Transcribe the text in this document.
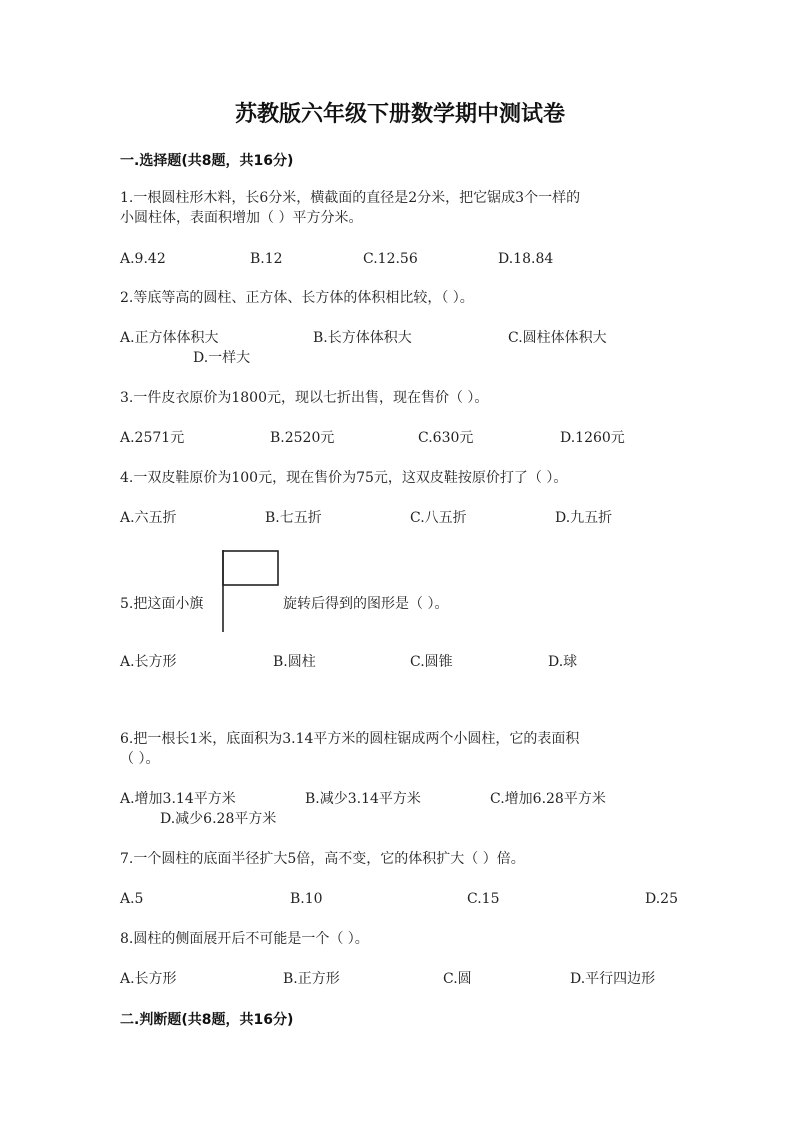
苏教版六年级下册数学期中测试卷
一.选择题(共8题，共16分)
1.一根圆柱形木料，长6分米，横截面的直径是2分米，把它锯成3个一样的
小圆柱体，表面积增加（ ）平方分米。
A.9.42	B.12	C.12.56	D.18.84
2.等底等高的圆柱、正方体、长方体的体积相比较，（ ）。
A.正方体体积大	B.长方体体积大	C.圆柱体体积大
D.一样大
3.一件皮衣原价为1800元，现以七折出售，现在售价（ ）。
A.2571元	B.2520元	C.630元	D.1260元
4.一双皮鞋原价为100元，现在售价为75元，这双皮鞋按原价打了（ ）。
A.六五折	B.七五折	C.八五折	D.九五折
5.把这面小旗	旋转后得到的图形是（ ）。
A.长方形	B.圆柱	C.圆锥	D.球
6.把一根长1米，底面积为3.14平方米的圆柱锯成两个小圆柱，它的表面积
（ ）。
A.增加3.14平方米	B.减少3.14平方米	C.增加6.28平方米
D.减少6.28平方米
7.一个圆柱的底面半径扩大5倍，高不变，它的体积扩大（ ）倍。
A.5	B.10	C.15	D.25
8.圆柱的侧面展开后不可能是一个（ ）。
A.长方形	B.正方形	C.圆	D.平行四边形
二.判断题(共8题，共16分)
